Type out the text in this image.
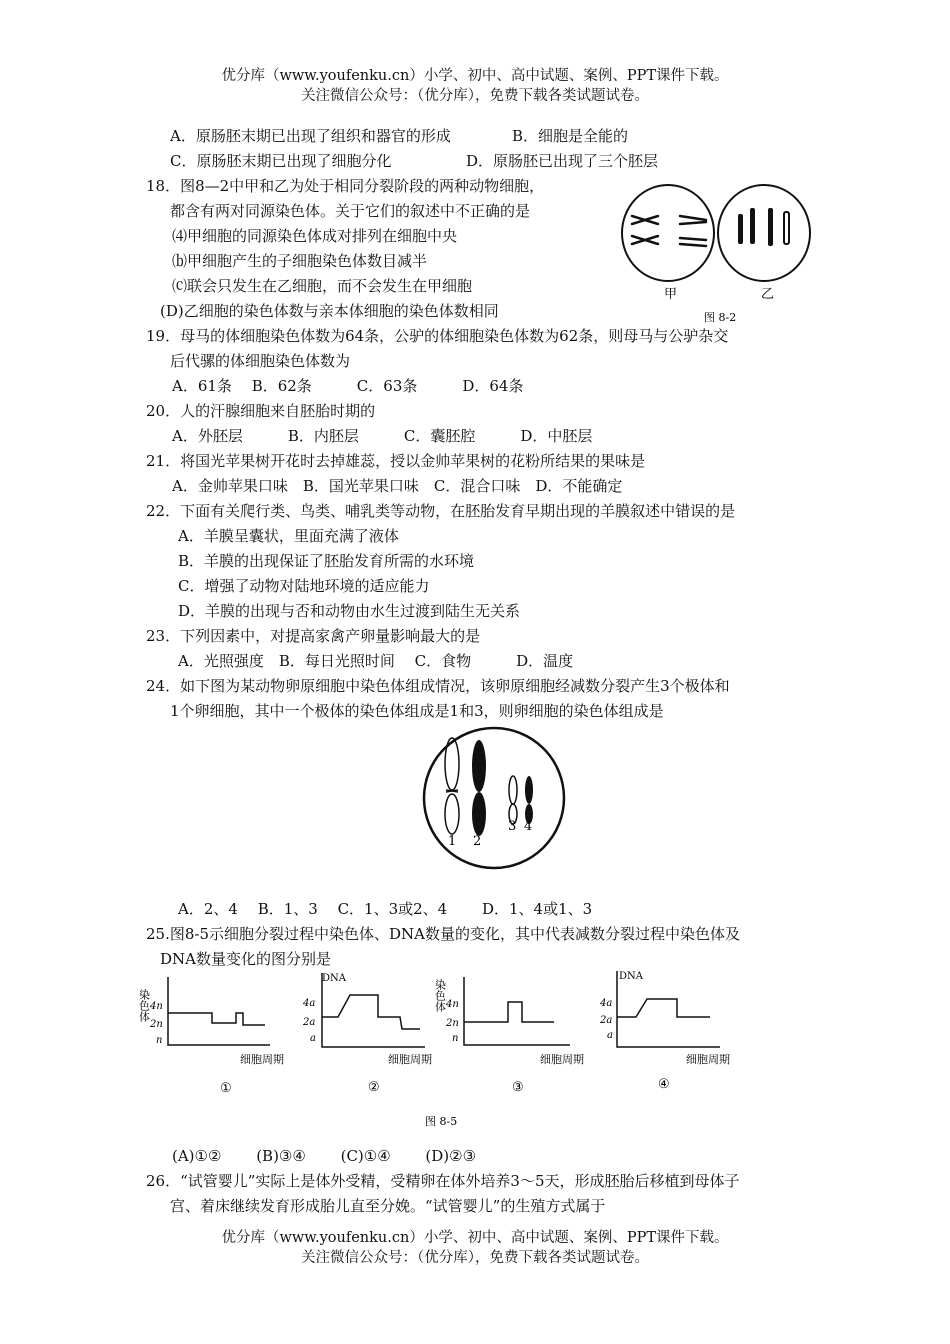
优分库（www.youfenku.cn）小学、初中、高中试题、案例、PPT课件下载。
关注微信公众号：（优分库），免费下载各类试题试卷。
A．原肠胚末期已出现了组织和器官的形成	B．细胞是全能的
C．原肠胚末期已出现了细胞分化	D．原肠胚已出现了三个胚层
18．图8—2中甲和乙为处于相同分裂阶段的两种动物细胞，
都含有两对同源染色体。关于它们的叙述中不正确的是
⑷甲细胞的同源染色体成对排列在细胞中央
⒝甲细胞产生的子细胞染色体数目减半
⒞联会只发生在乙细胞，而不会发生在甲细胞
(D)乙细胞的染色体数与亲本体细胞的染色体数相同
甲	乙
图 8-2
19．母马的体细胞染色体数为64条，公驴的体细胞染色体数为62条，则母马与公驴杂交
后代骡的体细胞染色体数为
A．61条　 B．62条　　　C．63条　　　D．64条
20．人的汗腺细胞来自胚胎时期的
A．外胚层　　　B．内胚层　　　C．囊胚腔　　　D．中胚层
21．将国光苹果树开花时去掉雄蕊，授以金帅苹果树的花粉所结果的果味是
A．金帅苹果口味　B．国光苹果口味　C．混合口味　D．不能确定
22．下面有关爬行类、鸟类、哺乳类等动物，在胚胎发育早期出现的羊膜叙述中错误的是
A．羊膜呈囊状，里面充满了液体
B．羊膜的出现保证了胚胎发育所需的水环境
C．增强了动物对陆地环境的适应能力
D．羊膜的出现与否和动物由水生过渡到陆生无关系
23．下列因素中，对提高家禽产卵量影响最大的是
A．光照强度　B．每日光照时间　 C．食物　　　D．温度
24．如下图为某动物卵原细胞中染色体组成情况，该卵原细胞经减数分裂产生3个极体和
1个卵细胞，其中一个极体的染色体组成是1和3，则卵细胞的染色体组成是
1 2
3 4
A．2、4　 B．1、3　 C．1、3或2、4　　 D．1、4或1、3
25.图8-5示细胞分裂过程中染色体、DNA数量的变化，其中代表减数分裂过程中染色体及
DNA数量变化的图分别是
染色体 4n
2n
n
细胞周期
①
DNA
4a
2a
a
细胞周期
②
染色体 4n
2n
n
细胞周期
③
DNA
4a
2a
a
细胞周期
④
图 8-5
(A)①②　　 (B)③④　　 (C)①④　　 (D)②③
26．“试管婴儿”实际上是体外受精，受精卵在体外培养3～5天，形成胚胎后移植到母体子
宫、着床继续发育形成胎儿直至分娩。“试管婴儿”的生殖方式属于
优分库（www.youfenku.cn）小学、初中、高中试题、案例、PPT课件下载。
关注微信公众号：（优分库），免费下载各类试题试卷。
